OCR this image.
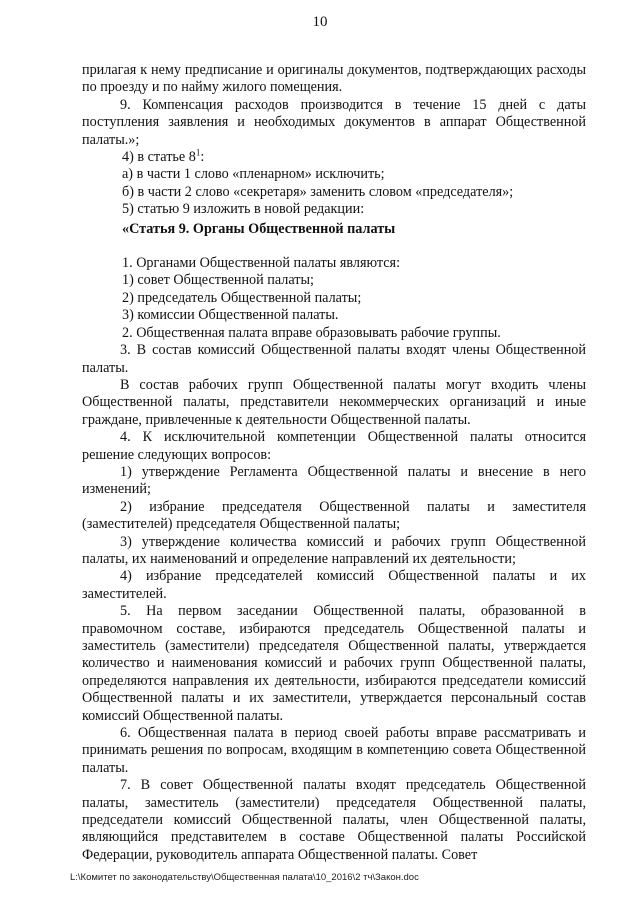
10

прилагая к нему предписание и оригиналы документов, подтверждающих расходы по проезду и по найму жилого помещения.

9. Компенсация расходов производится в течение 15 дней с даты поступления заявления и необходимых документов в аппарат Общественной палаты.»;

4) в статье $8^1$:

а) в части 1 слово «пленарном» исключить;

б) в части 2 слово «секретаря» заменить словом «председателя»;

5) статью 9 изложить в новой редакции:

«Статья 9. Органы Общественной палаты

1. Органами Общественной палаты являются:

1) совет Общественной палаты;

2) председатель Общественной палаты;

3) комиссии Общественной палаты.

2. Общественная палата вправе образовывать рабочие группы.

3. В состав комиссий Общественной палаты входят члены Общественной палаты.

В состав рабочих групп Общественной палаты могут входить члены Общественной палаты, представители некоммерческих организаций и иные граждане, привлеченные к деятельности Общественной палаты.

4. К исключительной компетенции Общественной палаты относится решение следующих вопросов:

1) утверждение Регламента Общественной палаты и внесение в него изменений;

2) избрание председателя Общественной палаты и заместителя (заместителей) председателя Общественной палаты;

3) утверждение количества комиссий и рабочих групп Общественной палаты, их наименований и определение направлений их деятельности;

4) избрание председателей комиссий Общественной палаты и их заместителей.

5. На первом заседании Общественной палаты, образованной в правомочном составе, избираются председатель Общественной палаты и заместитель (заместители) председателя Общественной палаты, утверждается количество и наименования комиссий и рабочих групп Общественной палаты, определяются направления их деятельности, избираются председатели комиссий Общественной палаты и их заместители, утверждается персональный состав комиссий Общественной палаты.

6. Общественная палата в период своей работы вправе рассматривать и принимать решения по вопросам, входящим в компетенцию совета Общественной палаты.

7. В совет Общественной палаты входят председатель Общественной палаты, заместитель (заместители) председателя Общественной палаты, председатели комиссий Общественной палаты, член Общественной палаты, являющийся представителем в составе Общественной палаты Российской Федерации, руководитель аппарата Общественной палаты. Совет

L:\Комитет по законодательству\Общественная палата\10_2016\2 тч\Закон.doc
